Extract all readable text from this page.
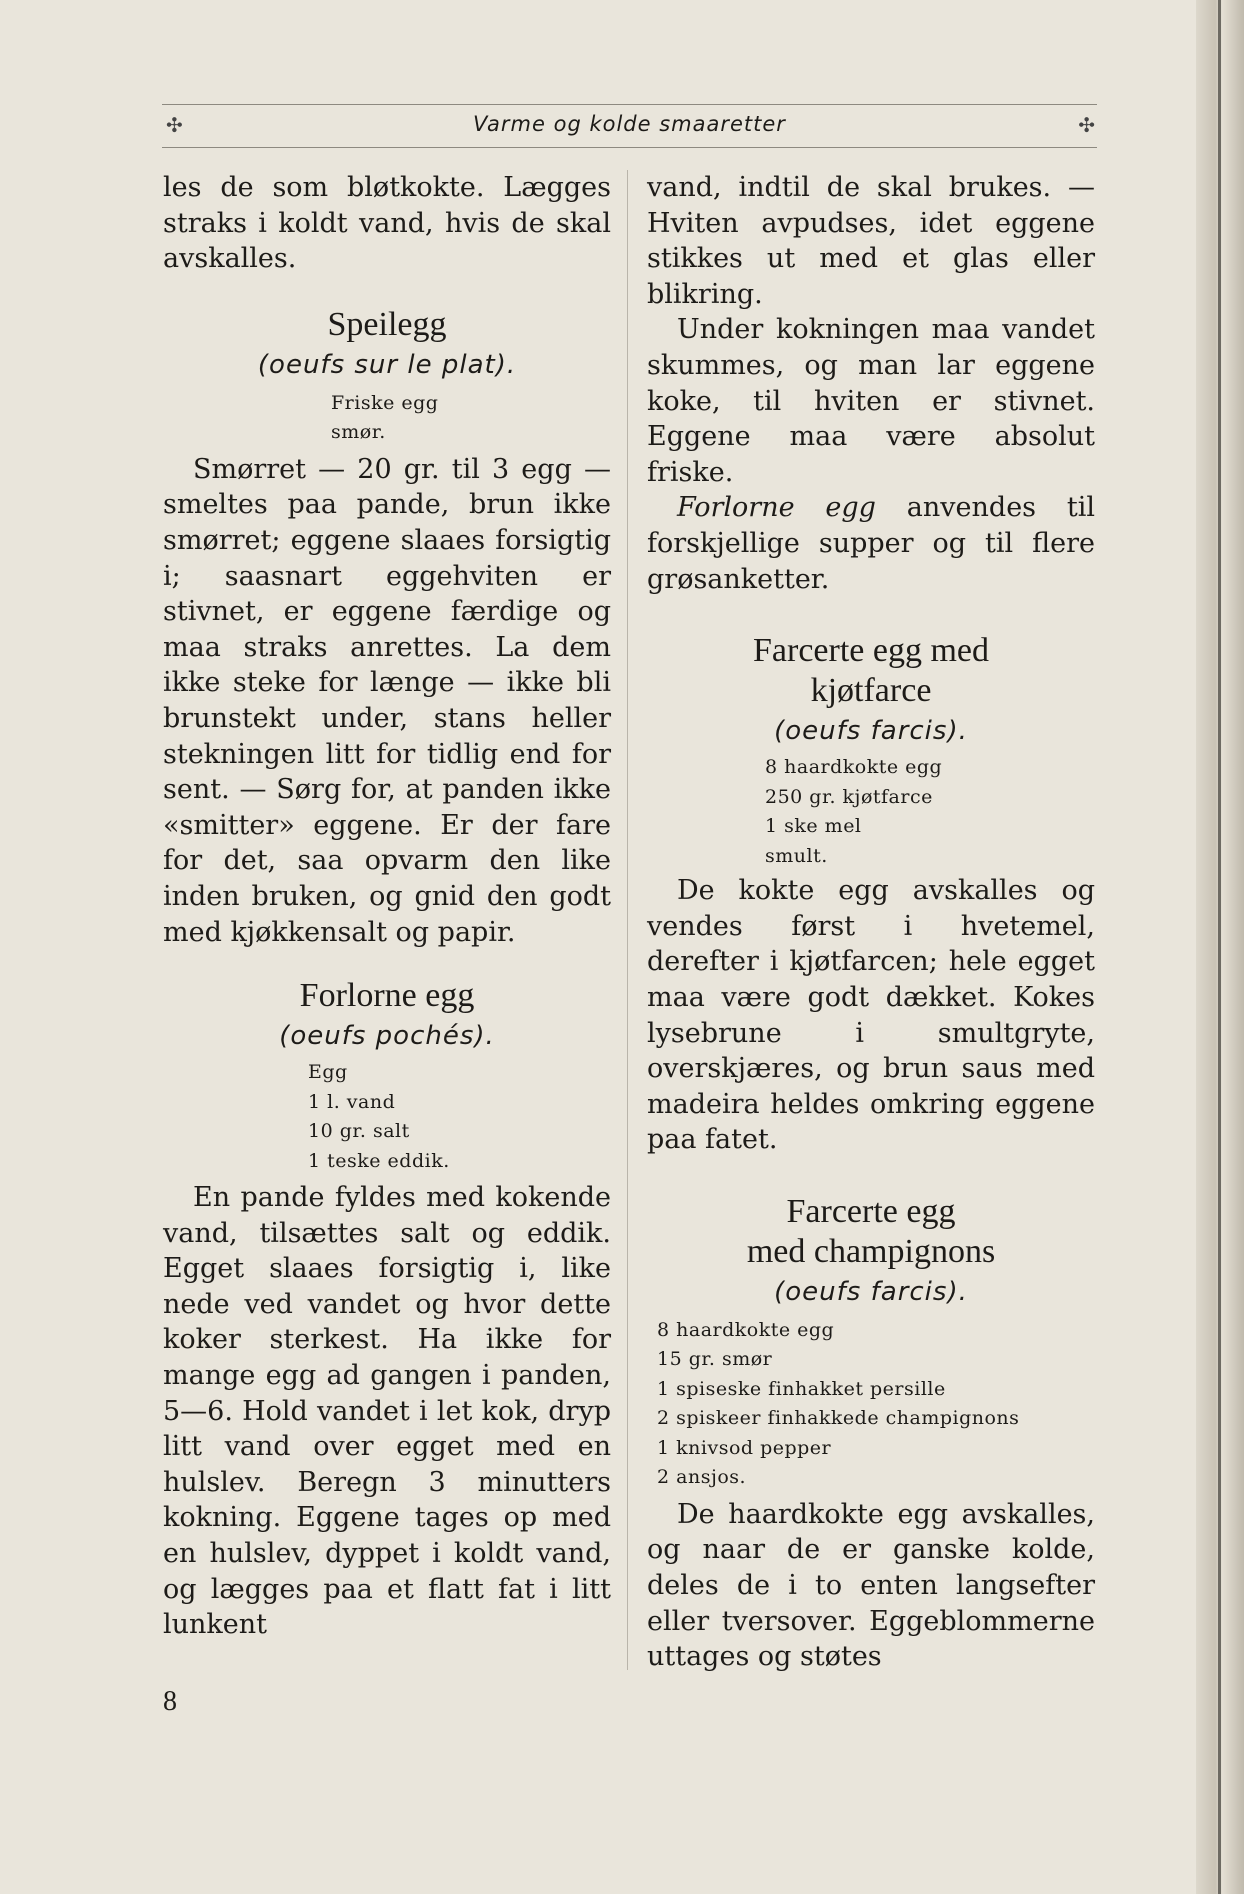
✣	Varme og kolde smaaretter	✣

les de som bløtkokte. Lægges straks i koldt vand, hvis de skal avskalles.

Speilegg
(oeufs sur le plat).

Friske egg

smør.

Smørret — 20 gr. til 3 egg — smeltes paa pande, brun ikke smørret; eggene slaaes forsigtig i; saasnart eggehviten er stivnet, er eggene færdige og maa straks anrettes. La dem ikke steke for længe — ikke bli brunstekt under, stans heller stekningen litt for tidlig end for sent. — Sørg for, at panden ikke «smitter» eggene. Er der fare for det, saa opvarm den like inden bruken, og gnid den godt med kjøkkensalt og papir.

Forlorne egg
(oeufs pochés).

Egg

1 l. vand

10 gr. salt

1 teske eddik.

En pande fyldes med kokende vand, tilsættes salt og eddik. Egget slaaes forsigtig i, like nede ved vandet og hvor dette koker sterkest. Ha ikke for mange egg ad gangen i panden, 5—6. Hold vandet i let kok, dryp litt vand over egget med en hulslev. Beregn 3 minutters kokning. Eggene tages op med en hulslev, dyppet i koldt vand, og lægges paa et flatt fat i litt lunkent

vand, indtil de skal brukes. — Hviten avpudses, idet eggene stikkes ut med et glas eller blikring.

Under kokningen maa vandet skummes, og man lar eggene koke, til hviten er stivnet. Eggene maa være absolut friske.

Forlorne egg anvendes til forskjellige supper og til flere grøsanketter.

Farcerte egg med
kjøtfarce
(oeufs farcis).

8 haardkokte egg

250 gr. kjøtfarce

1 ske mel

smult.

De kokte egg avskalles og vendes først i hvetemel, derefter i kjøtfarcen; hele egget maa være godt dækket. Kokes lysebrune i smultgryte, overskjæres, og brun saus med madeira heldes omkring eggene paa fatet.

Farcerte egg
med champignons
(oeufs farcis).

8 haardkokte egg

15 gr. smør

1 spiseske finhakket persille

2 spiskeer finhakkede champignons

1 knivsod pepper

2 ansjos.

De haardkokte egg avskalles, og naar de er ganske kolde, deles de i to enten langsefter eller tversover. Eggeblommerne uttages og støtes

8
